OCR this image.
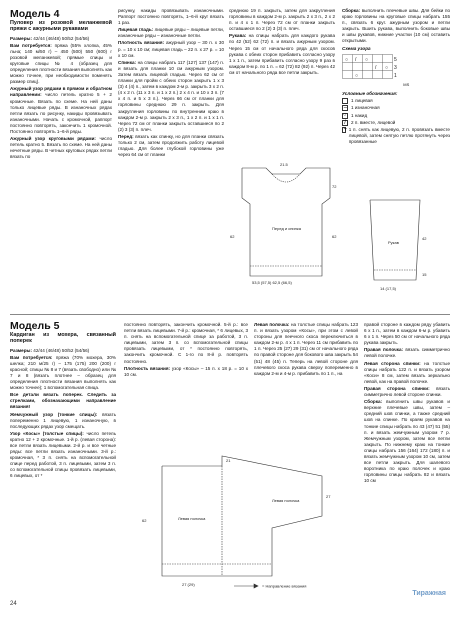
Модель 4
Пуловер из розовой меланжевой пряжи с ажурными рукавами

Размеры: 42/44 (46/48) 50/52 (54/56)

Вам потребуется: пряжа (55% хлопка, 45% льна; 140 м/50 г) – 450 (500) 550 (600) г розовой меланжевой; прямые спицы и круговые спицы № 4 (образец для определения плотности вязания выполнять как можно точнее, при необходимости поменять размер спиц).

Ажурный узор рядами в прямом и обратном направлении: число петель кратно 5 + 2 кромочные. Вязать по схеме. На ней даны только лицевые ряды. В изнаночных рядах петли вязать по рисунку, накиды провязывать изнаночными. Начать с кромочной, раппорт постоянно повторять, закончить 1 кромочной. Постоянно повторять 1–6-й ряды.

Ажурный узор круговыми рядами: число петель кратно 5. Вязать по схеме. На ней даны нечетные ряды. В четных круговых рядах петли вязать по

рисунку, накиды провязывать изнаночными. Раппорт постоянно повторять, 1–6-й круг вязать 1 раз.

Лицевая гладь: лицевые ряды – лицевые петли, изнаночные ряды – изнаночные петли.

Плотность вязания: ажурный узор – 30 п. x 30 р. = 10 x 10 см; лицевая гладь – 22 п. x 27 р. = 10 x 10 см.

Спинка: на спицы набрать 117 (127) 137 (147) п. и вязать для планки 10 см ажурным узором. Затем вязать лицевой гладью. Через 62 см от планки для пройм с обеих сторон закрыть 1 x 3 (3) 4 (4) п., затем в каждом 2-м р. закрыть 3 x 2 п. (4 x 2 п. (11 x 3 п. и 1 x 2 п.) 2 x 4 п. и 10 x 3 п. (7 x 4 п. и 5 x 3 п.). Через 66 см от планки для горловины среднюю 29 п. закрыть. Для закругления горловины по внутренним краю в каждом 2-м р. закрыть 2 x 3 п., 1 x 2 п. и 1 x 1 п. Через 72 см от планки закрыть оставшиеся по 2 (2) 3 (3) п. плеч.

Перед: вязать как спинку, но для планки связать только 2 см, затем продолжить работу лицевой гладью. Для более глубокой горловины уже через 64 см от планки

среднюю 19 п. закрыть, затем для закругления горловины в каждом 2-м р. закрыть 2 x 3 п., 2 x 2 п. и 4 x 1 п. Через 72 см от планки закрыть оставшиеся по 2 (2) 3 (3) п. плеч.

Рукава: на спицы набрать для каждого рукава по 42 (52) 62 (72) п. и вязать ажурным узором. Через 15 см от начального ряда для скосов рукава с обеих сторон прибавить согласно узору 1 x 1 п., затем прибавить согласно узору 9 раз в каждом 8-м р. по 1 п. = 62 (72) 82 (92) п. Через 42 см от начального ряда все петли закрыть.

Сборка: выполнить плечевые швы. Для бейки по краю горловины на круговые спицы набрать 155 п., связать 6 круг. ажурным узором и петли закрыть. Вшить рукава, выполнить боковые швы и швы рукавов, нижние участки (10 см) оставить открытыми.

Схема узора

○ / ○
/ ○
○
5
3
1
MS

Условные обозначения:

1 лицевая
–
1 изнаночная
○
1 накид
/
2 п. вместе, лицевой
+
1 п. снять как лицевую, 2 п. провязать вместе лицевой, затем снятую петлю протянуть через провязанные
Перед и спинка
53,5 (57,5) 62,5 (66,5)
72
62
62
21.5
Рукав
42
15
14 (17,5)
Модель 5
Кардиган из мохера, связанный поперек

Размеры: 42/44 (46/48) 50/52 (54/56)

Вам потребуется: пряжа (70% мохера, 30% шелка; 210 м/25 г) – 175 (175) 200 (200) г красной; спицы № 8 и 7 (вязать свободно) или № 7 и 8 (вязать плотнее – образец для определения плотности вязания выполнять как можно точнее); 1 вспомогательная спица.

Все детали вязать поперек. Следить за стрелками, обозначающими направление вязания!

Жемчужный узор (тонкие спицы): вязать попеременно 1 лицевую, 1 изнаночную, в последующих рядах узор смещать.

Узор «Косы» (толстые спицы): число петель кратно 12 + 2 кромочные. 1-й р. (левая сторона): все петли вязать лицевыми. 2-й р. и все четные ряды: все петли вязать изнаночными. 3-й р.: кромочная, * 3 п. снять на вспомогательной спице перед работой, 3 п. лицевыми, затем 3 п. со вспомогательной спицы провязать лицевыми, 6 лицевых, от *

постоянно повторять, закончить кромочной. 5-й р.: все петли вязать лицевыми. 7-й р.: кромочная, * 6 лицевых, 3 п. снять на вспомогательной спице за работой, 3 п. лицевыми, затем 3 п. со вспомогательной спицы провязать лицевыми, от * постоянно повторять, закончить кромочной. С 1-го по 8-й р. повторять постоянно.

Плотность вязания: узор «Косы» – 15 п. x 18 р. = 10 x 10 см.

Левая полочка: на толстые спицы набрать 123 п. и вязать узором «Косы», при этом с левой стороны для пеечного скоса переключиться в каждом 2-м р. 4 x 1 п. Через 11 см прибавить по 1 п. Через 25 (27) 29 (31) см от начального ряда по правой стороне для бокового шва закрыть 54 (51) 48 (45) п. Теперь на левой стороне для плечевого скоса рукава сверху попеременно в каждом 2-м и 4-м р. прибавить по 1 п., на

правой стороне в каждом ряду убавить 6 x 1 п., затем в каждом 6-м р. убавить 6 x 1 п. Через 50 см от начального ряда рукава закрыть.

Правая полочка: вязать симметрично левой полочке.

Левая сторона спинки: на толстые спицы набрать 122 п. и вязать узором «Коси» 8 см, затем вязать зеркально левой, как на правой полочке.

Правая сторона спинки: вязать симметрично левой стороне спинки.

Сборка: выполнить швы рукавов и верхние плечевые швы, затем – средний шов спинки, а также средний шов на спинке. По краям рукавов на тонкие спицы набрать по 43 (47) 51 (55) п. и вязать жемчужным узором 7 р. Жемчужным узором, затем все петли закрыть. По нижнему краю на тонкие спицы набрать 156 (164) 172 (180) п. и вязать жемчужным узором 10 см, затем все петли закрыть. Для шалевого воротника по краю полочек и краю горловины спицы набрать 82 и вязать 10 см

Левая полочка
Левая полочка
= Направление вязания
62
27
27 (29)
21
24
Тиражная
